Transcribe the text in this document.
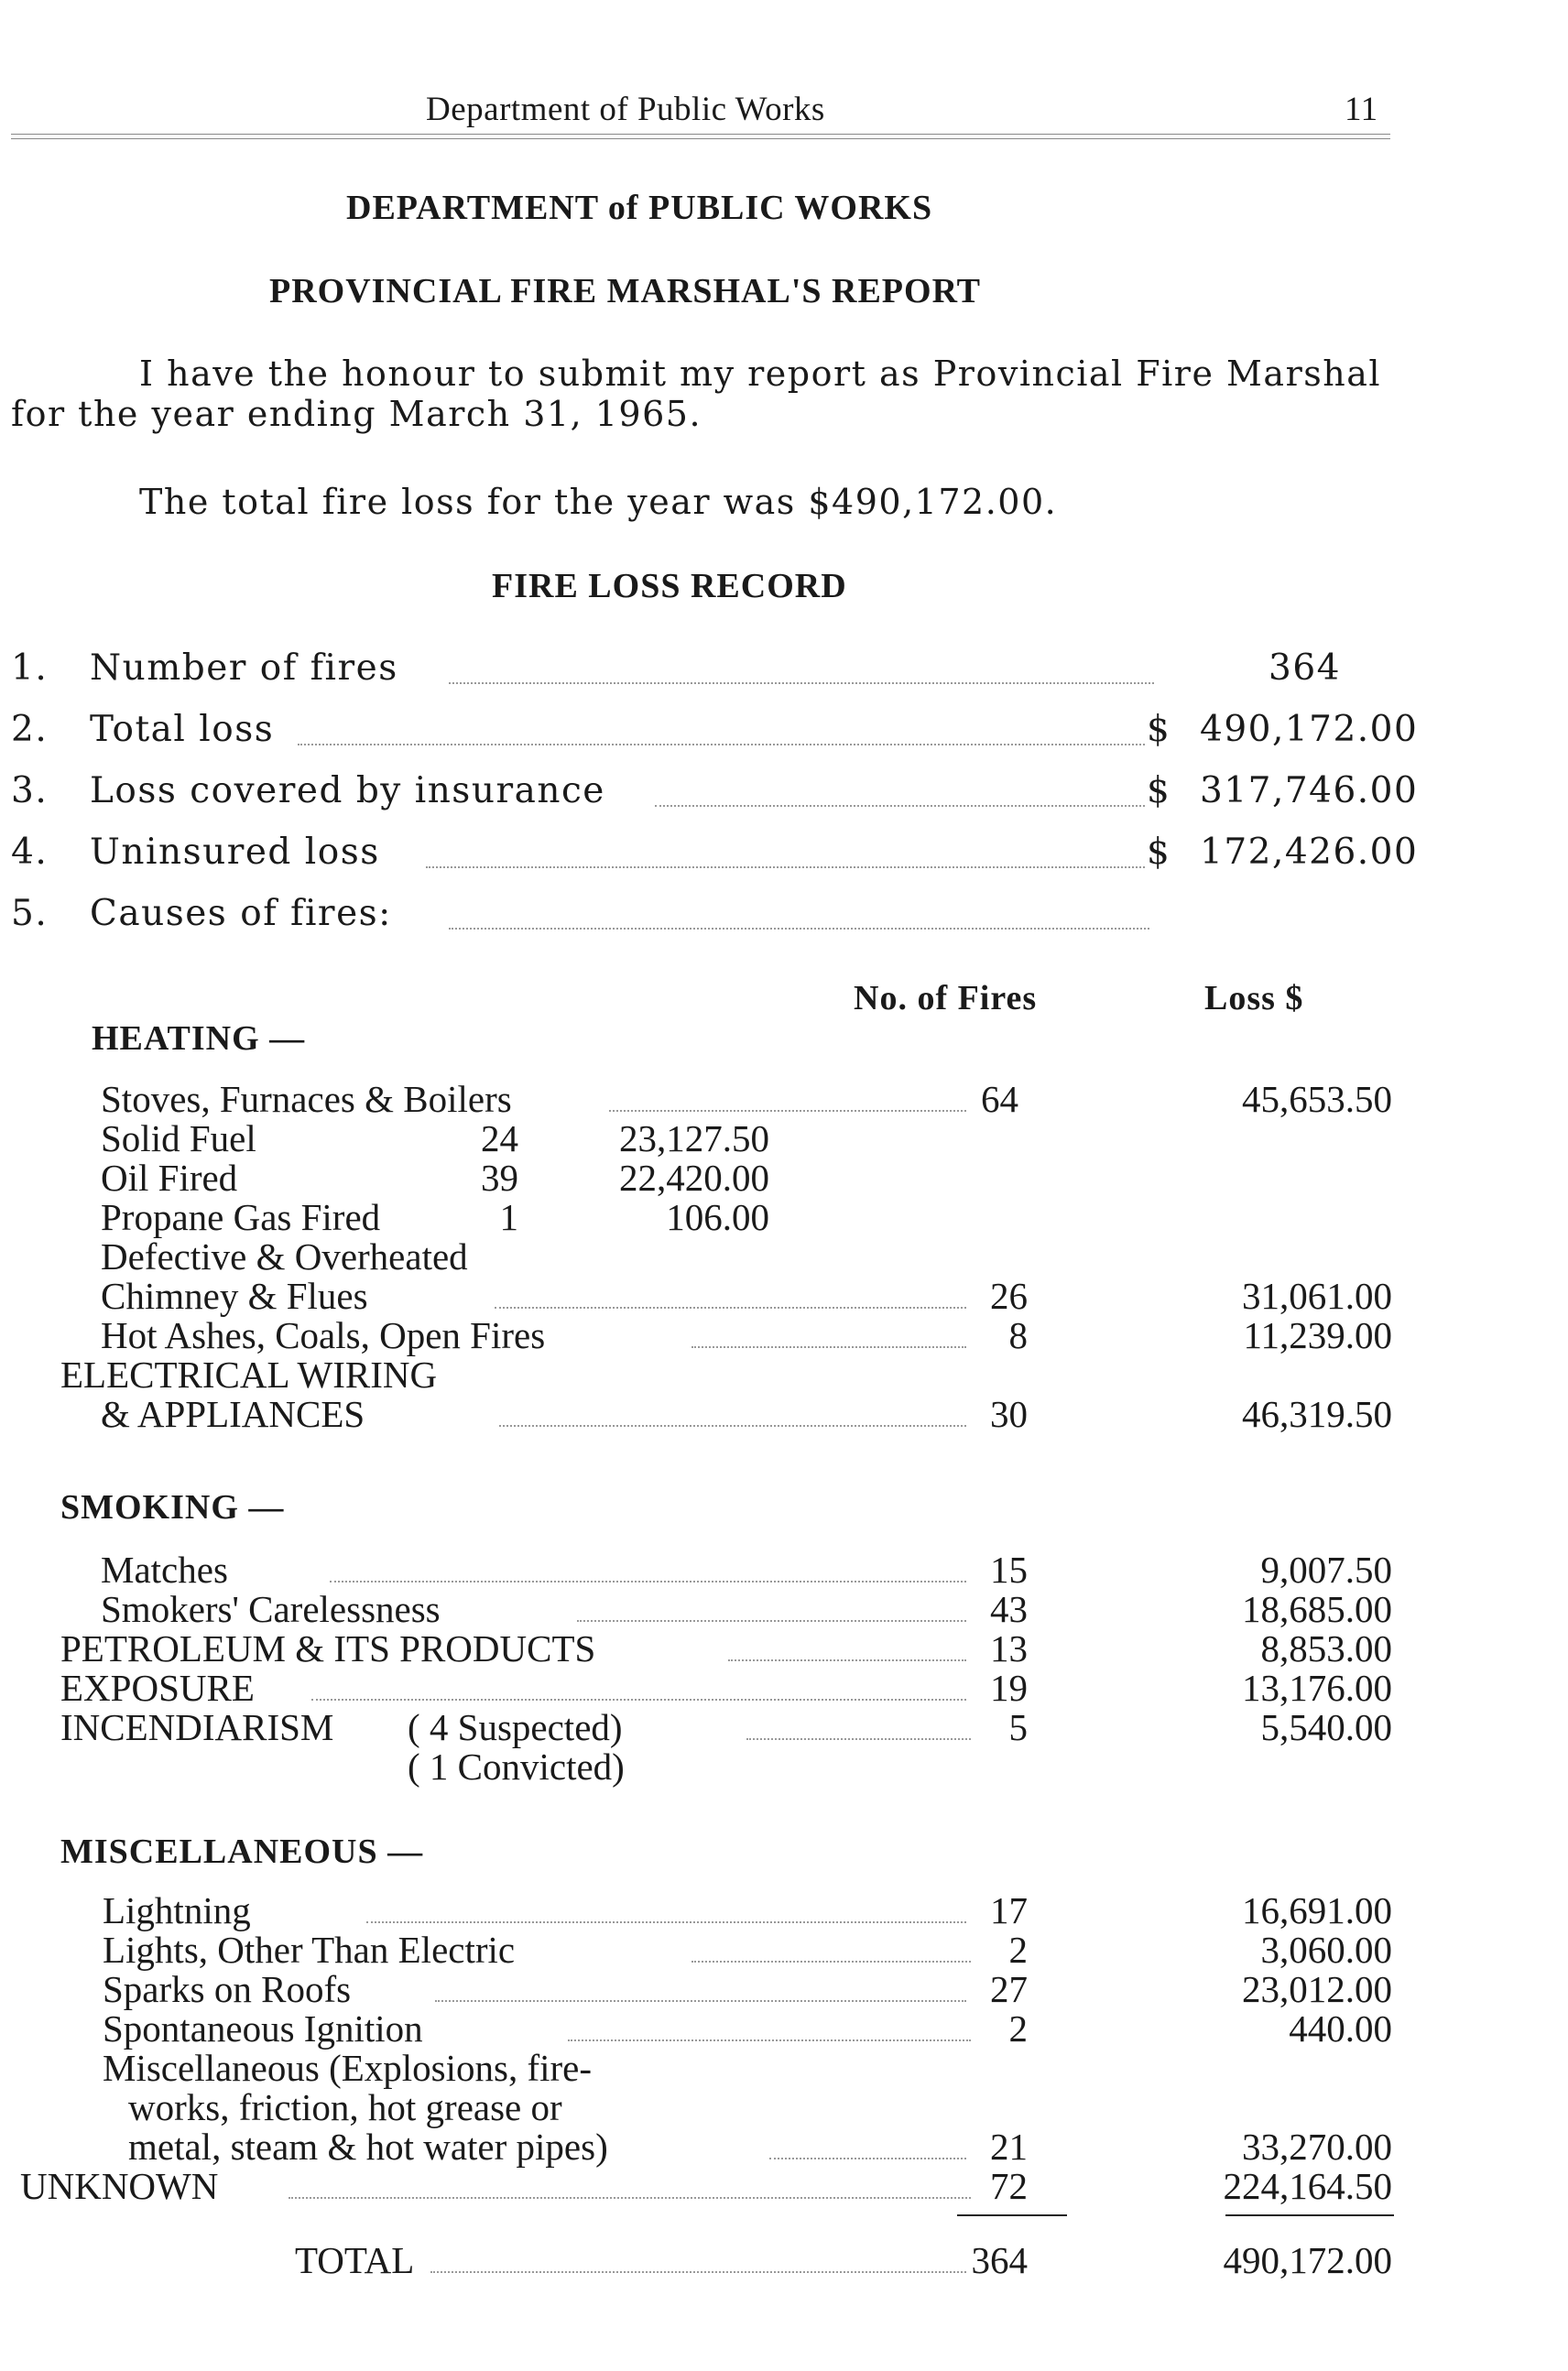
Department of Public Works	11
DEPARTMENT of PUBLIC WORKS
PROVINCIAL FIRE MARSHAL'S REPORT
I have the honour to submit my report as Provincial Fire Marshal
for the year ending March 31, 1965.
The total fire loss for the year was $490,172.00.
FIRE LOSS RECORD
1. Number of fires	364
2. Total loss	$ 490,172.00
3. Loss covered by insurance	$ 317,746.00
4. Uninsured loss	$ 172,426.00
5. Causes of fires:
No. of Fires	Loss $
HEATING —
Stoves, Furnaces & Boilers	64	45,653.50
Solid Fuel	24	23,127.50
Oil Fired	39	22,420.00
Propane Gas Fired	1	106.00
Defective & Overheated
Chimney & Flues	26	31,061.00
Hot Ashes, Coals, Open Fires	8	11,239.00
ELECTRICAL WIRING
& APPLIANCES	30	46,319.50
SMOKING —
Matches	15	9,007.50
Smokers' Carelessness	43	18,685.00
PETROLEUM & ITS PRODUCTS	13	8,853.00
EXPOSURE	19	13,176.00
INCENDIARISM ( 4 Suspected)	5	5,540.00
( 1 Convicted)
MISCELLANEOUS —
Lightning	17	16,691.00
Lights, Other Than Electric	2	3,060.00
Sparks on Roofs	27	23,012.00
Spontaneous Ignition	2	440.00
Miscellaneous (Explosions, fire-
works, friction, hot grease or
metal, steam & hot water pipes)	21	33,270.00
UNKNOWN	72	224,164.50
TOTAL	364	490,172.00
